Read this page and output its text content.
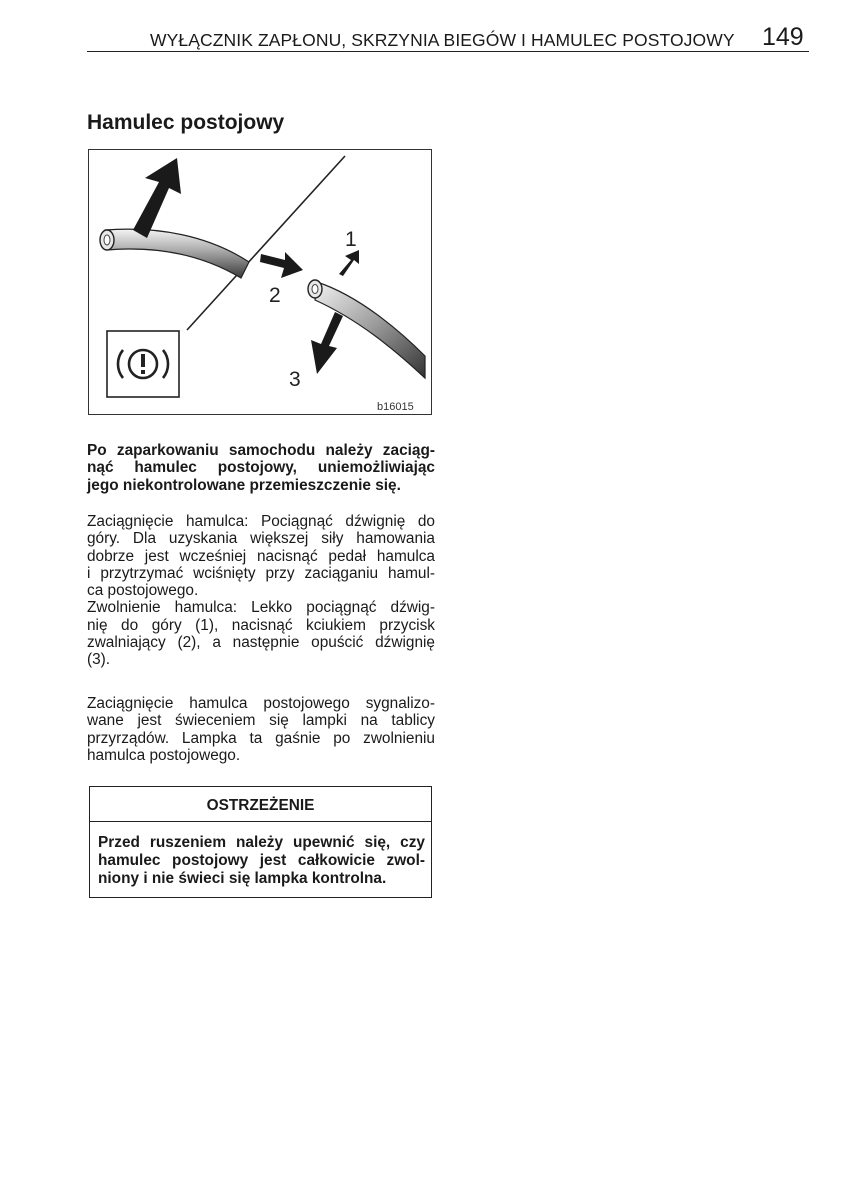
WYŁĄCZNIK ZAPŁONU, SKRZYNIA BIEGÓW I HAMULEC POSTOJOWY 149
Hamulec postojowy
1
2
3
b16015
Po zaparkowaniu samochodu należy zaciąg-
nąć hamulec postojowy, uniemożliwiając
jego niekontrolowane przemieszczenie się.
Zaciągnięcie hamulca: Pociągnąć dźwignię do
góry. Dla uzyskania większej siły hamowania
dobrze jest wcześniej nacisnąć pedał hamulca
i przytrzymać wciśnięty przy zaciąganiu hamul-
ca postojowego.
Zwolnienie hamulca: Lekko pociągnąć dźwig-
nię do góry (1), nacisnąć kciukiem przycisk
zwalniający (2), a następnie opuścić dźwignię
(3).
Zaciągnięcie hamulca postojowego sygnalizo-
wane jest świeceniem się lampki na tablicy
przyrządów. Lampka ta gaśnie po zwolnieniu
hamulca postojowego.
OSTRZEŻENIE
Przed ruszeniem należy upewnić się, czy
hamulec postojowy jest całkowicie zwol-
niony i nie świeci się lampka kontrolna.
